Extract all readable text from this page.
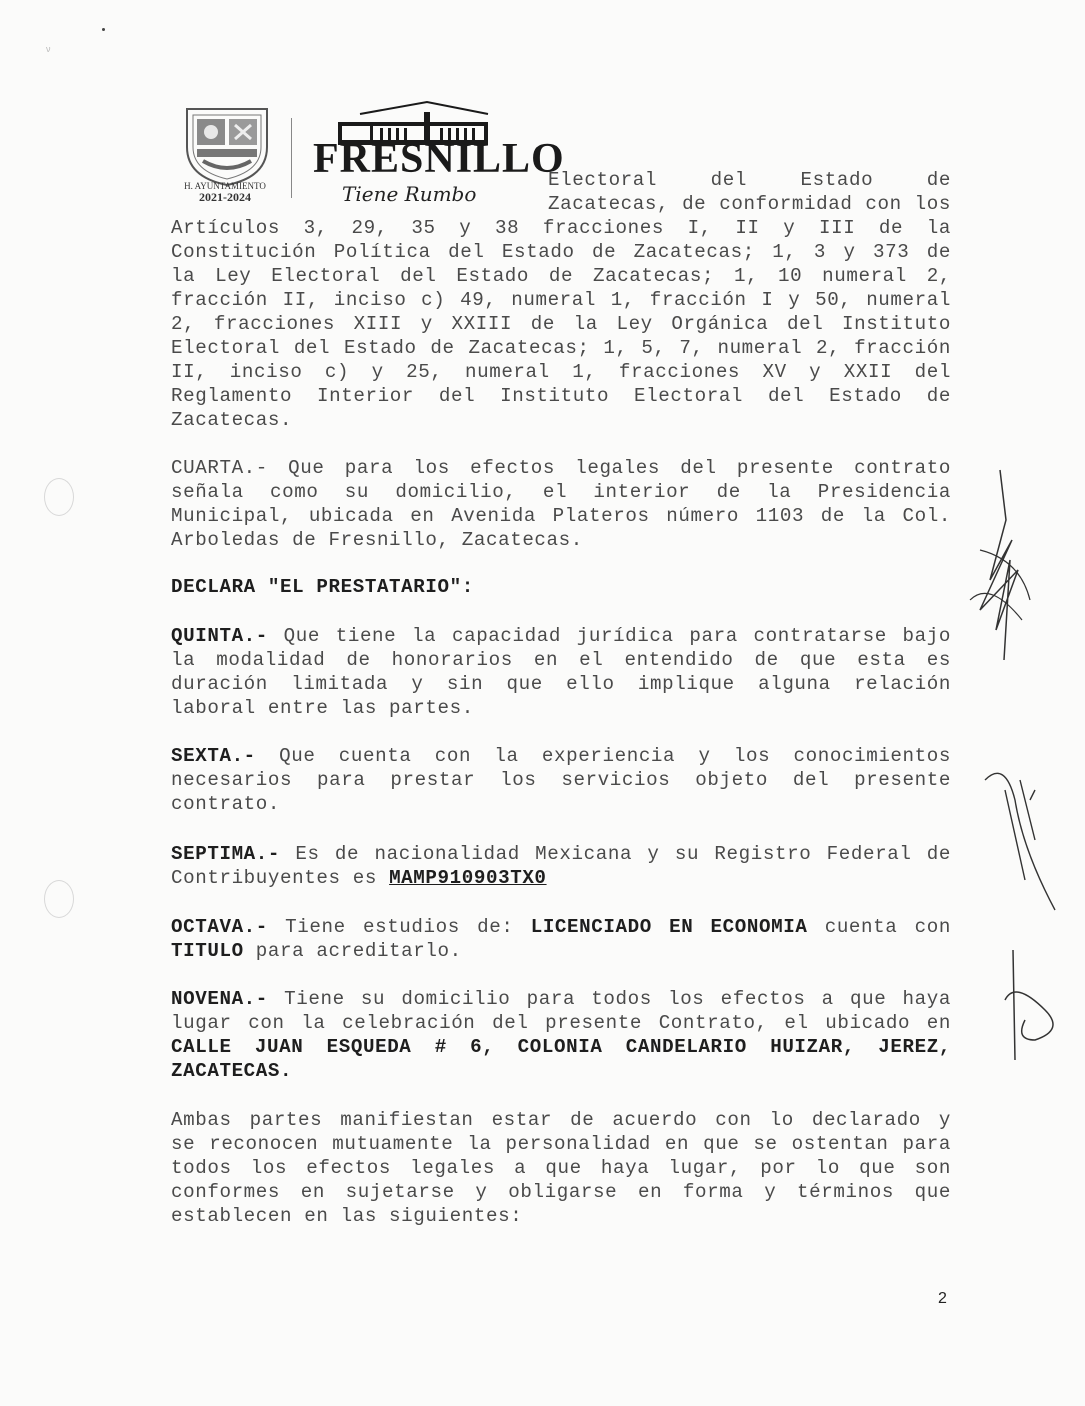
ν
H. AYUNTAMIENTO
2021-2024
FRESNILLO
Tiene Rumbo
Electoral del Estado de
Zacatecas, de conformidad con los
Artículos 3, 29, 35 y 38 fracciones I, II y III de la
Constitución Política del Estado de Zacatecas; 1, 3 y 373 de
la Ley Electoral del Estado de Zacatecas; 1, 10 numeral 2,
fracción II, inciso c) 49, numeral 1, fracción I y 50, numeral
2, fracciones XIII y XXIII de la Ley Orgánica del Instituto
Electoral del Estado de Zacatecas; 1, 5, 7, numeral 2, fracción
II, inciso c) y 25, numeral 1, fracciones XV y XXII del
Reglamento Interior del Instituto Electoral del Estado de
Zacatecas.
CUARTA.- Que para los efectos legales del presente contrato
señala como su domicilio, el interior de la Presidencia
Municipal, ubicada en Avenida Plateros número 1103 de la Col.
Arboledas de Fresnillo, Zacatecas.
DECLARA "EL PRESTATARIO":
QUINTA.- Que tiene la capacidad jurídica para contratarse bajo
la modalidad de honorarios en el entendido de que esta es
duración limitada y sin que ello implique alguna relación
laboral entre las partes.
SEXTA.- Que cuenta con la experiencia y los conocimientos
necesarios para prestar los servicios objeto del presente
contrato.
SEPTIMA.- Es de nacionalidad Mexicana y su Registro Federal de
Contribuyentes es MAMP910903TX0
OCTAVA.- Tiene estudios de: LICENCIADO EN ECONOMIA cuenta con
TITULO para acreditarlo.
NOVENA.- Tiene su domicilio para todos los efectos a que haya
lugar con la celebración del presente Contrato, el ubicado en
CALLE JUAN ESQUEDA # 6, COLONIA CANDELARIO HUIZAR, JEREZ,
ZACATECAS.
Ambas partes manifiestan estar de acuerdo con lo declarado y
se reconocen mutuamente la personalidad en que se ostentan para
todos los efectos legales a que haya lugar, por lo que son
conformes en sujetarse y obligarse en forma y términos que
establecen en las siguientes:
2
